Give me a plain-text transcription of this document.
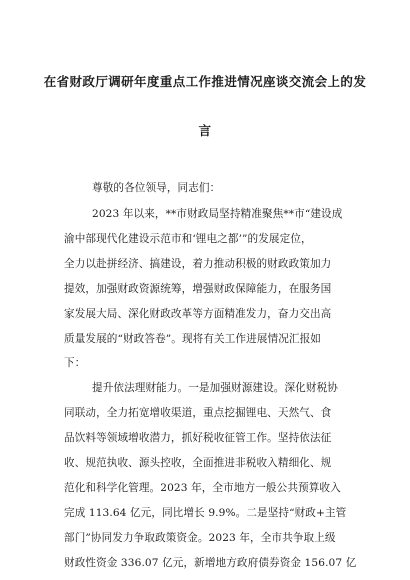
在省财政厅调研年度重点工作推进情况座谈交流会上的发
言
尊敬的各位领导，同志们：
2023 年以来，**市财政局坚持精准聚焦**市“建设成
渝中部现代化建设示范市和‘锂电之都’”的发展定位，
全力以赴拼经济、搞建设，着力推动积极的财政政策加力
提效，加强财政资源统筹，增强财政保障能力，在服务国
家发展大局、深化财政改革等方面精准发力，奋力交出高
质量发展的“财政答卷”。现将有关工作进展情况汇报如
下：
提升依法理财能力。一是加强财源建设。深化财税协
同联动，全力拓宽增收渠道，重点挖掘锂电、天然气、食
品饮料等领域增收潜力，抓好税收征管工作。坚持依法征
收、规范执收、源头控收，全面推进非税收入精细化、规
范化和科学化管理。2023 年，全市地方一般公共预算收入
完成 113.64 亿元，同比增长 9.9%。二是坚持“财政+主管
部门”协同发力争取政策资金。2023 年，全市共争取上级
财政性资金 336.07 亿元，新增地方政府债券资金 156.07 亿
